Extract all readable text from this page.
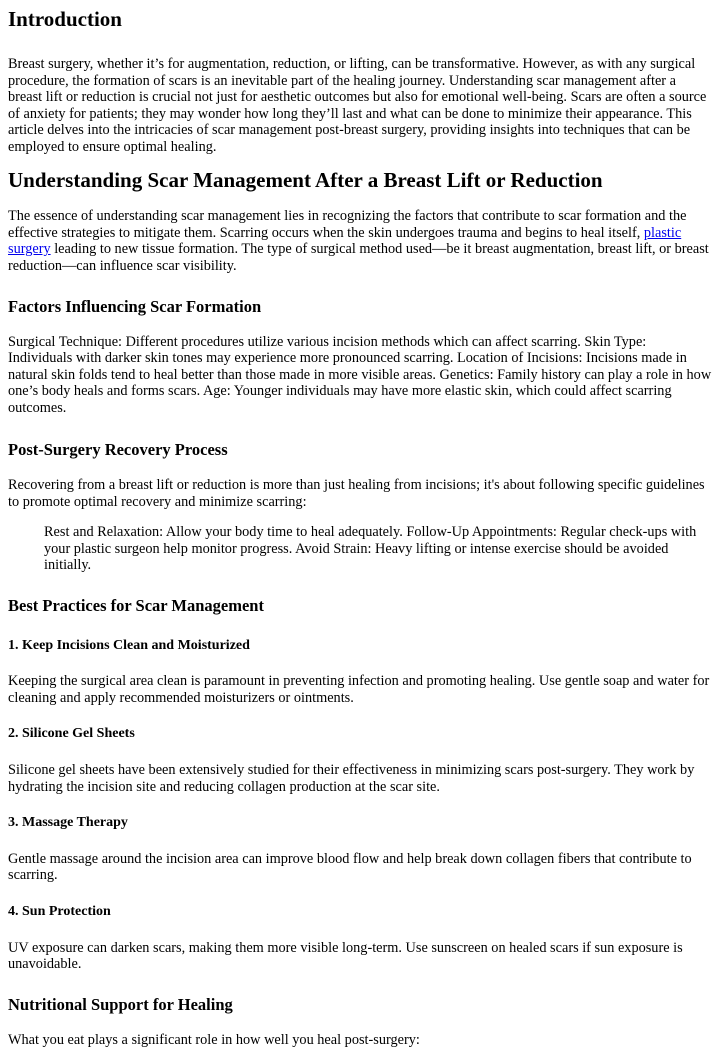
Introduction

Breast surgery, whether it’s for augmentation, reduction, or lifting, can be transformative. However, as with any surgical procedure, the formation of scars is an inevitable part of the healing journey. Understanding scar management after a breast lift or reduction is crucial not just for aesthetic outcomes but also for emotional well-being. Scars are often a source of anxiety for patients; they may wonder how long they’ll last and what can be done to minimize their appearance. This article delves into the intricacies of scar management post-breast surgery, providing insights into techniques that can be employed to ensure optimal healing.

Understanding Scar Management After a Breast Lift or Reduction

The essence of understanding scar management lies in recognizing the factors that contribute to scar formation and the effective strategies to mitigate them. Scarring occurs when the skin undergoes trauma and begins to heal itself, plastic surgery leading to new tissue formation. The type of surgical method used—be it breast augmentation, breast lift, or breast reduction—can influence scar visibility.

Factors Influencing Scar Formation

Surgical Technique: Different procedures utilize various incision methods which can affect scarring. Skin Type: Individuals with darker skin tones may experience more pronounced scarring. Location of Incisions: Incisions made in natural skin folds tend to heal better than those made in more visible areas. Genetics: Family history can play a role in how one’s body heals and forms scars. Age: Younger individuals may have more elastic skin, which could affect scarring outcomes.

Post-Surgery Recovery Process

Recovering from a breast lift or reduction is more than just healing from incisions; it's about following specific guidelines to promote optimal recovery and minimize scarring:

Rest and Relaxation: Allow your body time to heal adequately. Follow-Up Appointments: Regular check-ups with your plastic surgeon help monitor progress. Avoid Strain: Heavy lifting or intense exercise should be avoided initially.
Best Practices for Scar Management
1. Keep Incisions Clean and Moisturized

Keeping the surgical area clean is paramount in preventing infection and promoting healing. Use gentle soap and water for cleaning and apply recommended moisturizers or ointments.

2. Silicone Gel Sheets

Silicone gel sheets have been extensively studied for their effectiveness in minimizing scars post-surgery. They work by hydrating the incision site and reducing collagen production at the scar site.

3. Massage Therapy

Gentle massage around the incision area can improve blood flow and help break down collagen fibers that contribute to scarring.

4. Sun Protection

UV exposure can darken scars, making them more visible long-term. Use sunscreen on healed scars if sun exposure is unavoidable.

Nutritional Support for Healing

What you eat plays a significant role in how well you heal post-surgery:
